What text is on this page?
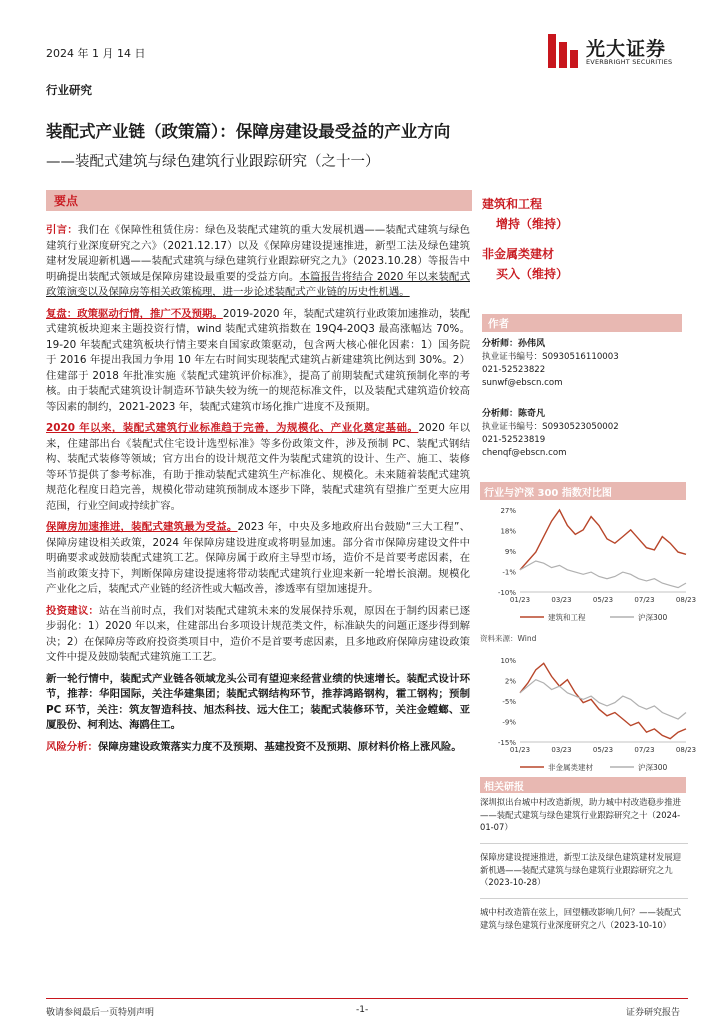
2024 年 1 月 14 日	光大证券
EVERBRIGHT SECURITIES
行业研究
装配式产业链（政策篇）：保障房建设最受益的产业方向
——装配式建筑与绿色建筑行业跟踪研究（之十一）
要点

引言：我们在《保障性租赁住房：绿色及装配式建筑的重大发展机遇——装配式建筑与绿色建筑行业深度研究之六》（2021.12.17）以及《保障房建设提速推进，新型工法及绿色建筑建材发展迎新机遇——装配式建筑与绿色建筑行业跟踪研究之九》（2023.10.28）等报告中明确提出装配式领域是保障房建设最重要的受益方向。本篇报告将结合 2020 年以来装配式政策演变以及保障房等相关政策梳理，进一步论述装配式产业链的历史性机遇。

复盘：政策驱动行情，推广不及预期。2019-2020 年，装配式建筑行业政策加速推动，装配式建筑板块迎来主题投资行情，wind 装配式建筑指数在 19Q4-20Q3 最高涨幅达 70%。19-20 年装配式建筑板块行情主要来自国家政策驱动，包含两大核心催化因素：1）国务院于 2016 年提出我国力争用 10 年左右时间实现装配式建筑占新建建筑比例达到 30%。2）住建部于 2018 年批准实施《装配式建筑评价标准》，提高了前期装配式建筑预制化率的考核。由于装配式建筑设计制造环节缺失较为统一的规范标准文件，以及装配式建筑造价较高等因素的制约，2021-2023 年，装配式建筑市场化推广进度不及预期。

2020 年以来，装配式建筑行业标准趋于完善，为规模化、产业化奠定基础。2020 年以来，住建部出台《装配式住宅设计选型标准》等多份政策文件，涉及预制 PC、装配式钢结构、装配式装修等领域；官方出台的设计规范文件为装配式建筑的设计、生产、施工、装修等环节提供了参考标准，有助于推动装配式建筑生产标准化、规模化。未来随着装配式建筑规范化程度日趋完善，规模化带动建筑预制成本逐步下降，装配式建筑有望推广至更大应用范围，行业空间或持续扩容。

保障房加速推进，装配式建筑最为受益。2023 年，中央及多地政府出台鼓励“三大工程”、保障房建设相关政策，2024 年保障房建设进度或将明显加速。部分省市保障房建设文件中明确要求或鼓励装配式建筑工艺。保障房属于政府主导型市场，造价不是首要考虑因素，在当前政策支持下，判断保障房建设提速将带动装配式建筑行业迎来新一轮增长浪潮。规模化产业化之后，装配式产业链的经济性或大幅改善，渗透率有望加速提升。

投资建议：站在当前时点，我们对装配式建筑未来的发展保持乐观，原因在于制约因素已逐步弱化：1）2020 年以来，住建部出台多项设计规范类文件，标准缺失的问题正逐步得到解决；2）在保障房等政府投资类项目中，造价不是首要考虑因素，且多地政府保障房建设政策文件中提及鼓励装配式建筑施工工艺。

新一轮行情中，装配式产业链各领域龙头公司有望迎来经营业绩的快速增长。装配式设计环节，推荐：华阳国际，关注华建集团；装配式钢结构环节，推荐鸿路钢构，霍工钢构；预制 PC 环节，关注：筑友智造科技、旭杰科技、远大住工；装配式装修环节，关注金螳螂、亚厦股份、柯利达、海鸥住工。

风险分析：保障房建设政策落实力度不及预期、基建投资不及预期、原材料价格上涨风险。

建筑和工程
增持（维持）
非金属类建材
买入（维持）
作者
分析师：孙伟风
执业证书编号：S0930516110003
021-52523822
sunwf@ebscn.com
分析师：陈奇凡
执业证书编号：S0930523050002
021-52523819
chenqf@ebscn.com
行业与沪深 300 指数对比图
27%
18%
9%
-1%
-10%
01/23	03/23	05/23	07/23	08/23
建筑和工程	沪深300
资料来源：Wind
10%
2%
-5%
-9%
-15%
01/23	03/23	05/23	07/23	08/23
非金属类建材	沪深300
相关研报
深圳拟出台城中村改造新规，助力城中村改造稳步推进——装配式建筑与绿色建筑行业跟踪研究之十（2024-01-07）
保障房建设提速推进，新型工法及绿色建筑建材发展迎新机遇——装配式建筑与绿色建筑行业跟踪研究之九（2023-10-28）
城中村改造箭在弦上，回望棚改影响几何？——装配式建筑与绿色建筑行业深度研究之八（2023-10-10）
敬请参阅最后一页特别声明	-1-	证券研究报告
